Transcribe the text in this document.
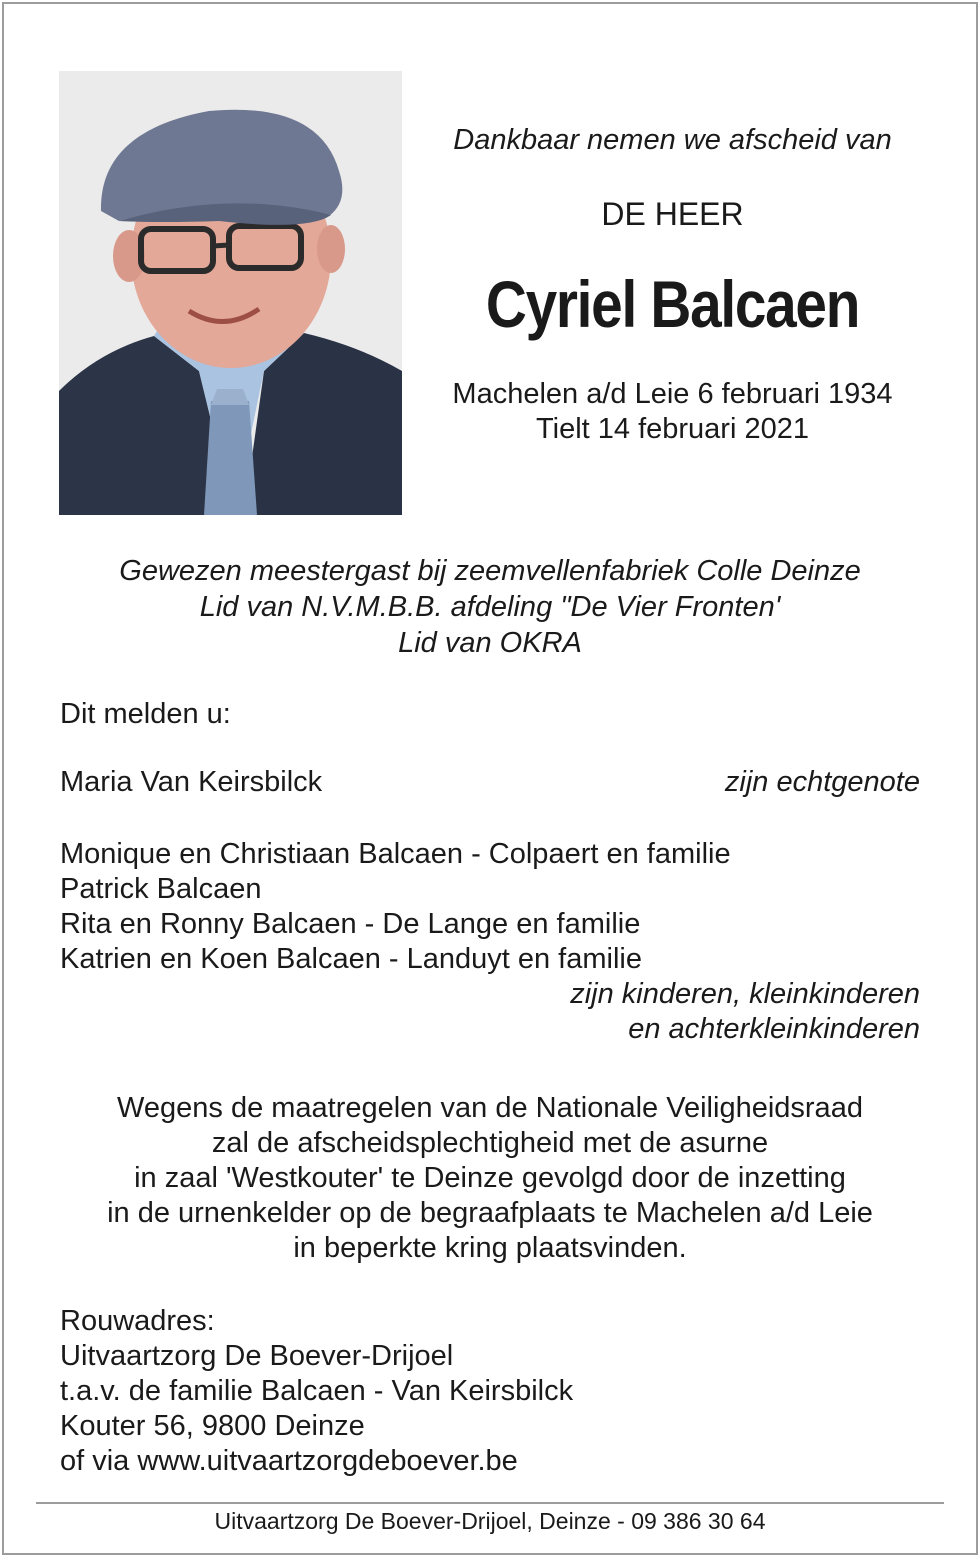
Dankbaar nemen we afscheid van
DE HEER
Cyriel Balcaen
Machelen a/d Leie 6 februari 1934
Tielt 14 februari 2021
Gewezen meestergast bij zeemvellenfabriek Colle Deinze
Lid van N.V.M.B.B. afdeling "De Vier Fronten'
Lid van OKRA
Dit melden u:
Maria Van Keirsbilck	zijn echtgenote
Monique en Christiaan Balcaen - Colpaert en familie
Patrick Balcaen
Rita en Ronny Balcaen - De Lange en familie
Katrien en Koen Balcaen - Landuyt en familie
zijn kinderen, kleinkinderen
en achterkleinkinderen
Wegens de maatregelen van de Nationale Veiligheidsraad
zal de afscheidsplechtigheid met de asurne
in zaal 'Westkouter' te Deinze gevolgd door de inzetting
in de urnenkelder op de begraafplaats te Machelen a/d Leie
in beperkte kring plaatsvinden.
Rouwadres:
Uitvaartzorg De Boever-Drijoel
t.a.v. de familie Balcaen - Van Keirsbilck
Kouter 56, 9800 Deinze
of via www.uitvaartzorgdeboever.be
Uitvaartzorg De Boever-Drijoel, Deinze - 09 386 30 64
